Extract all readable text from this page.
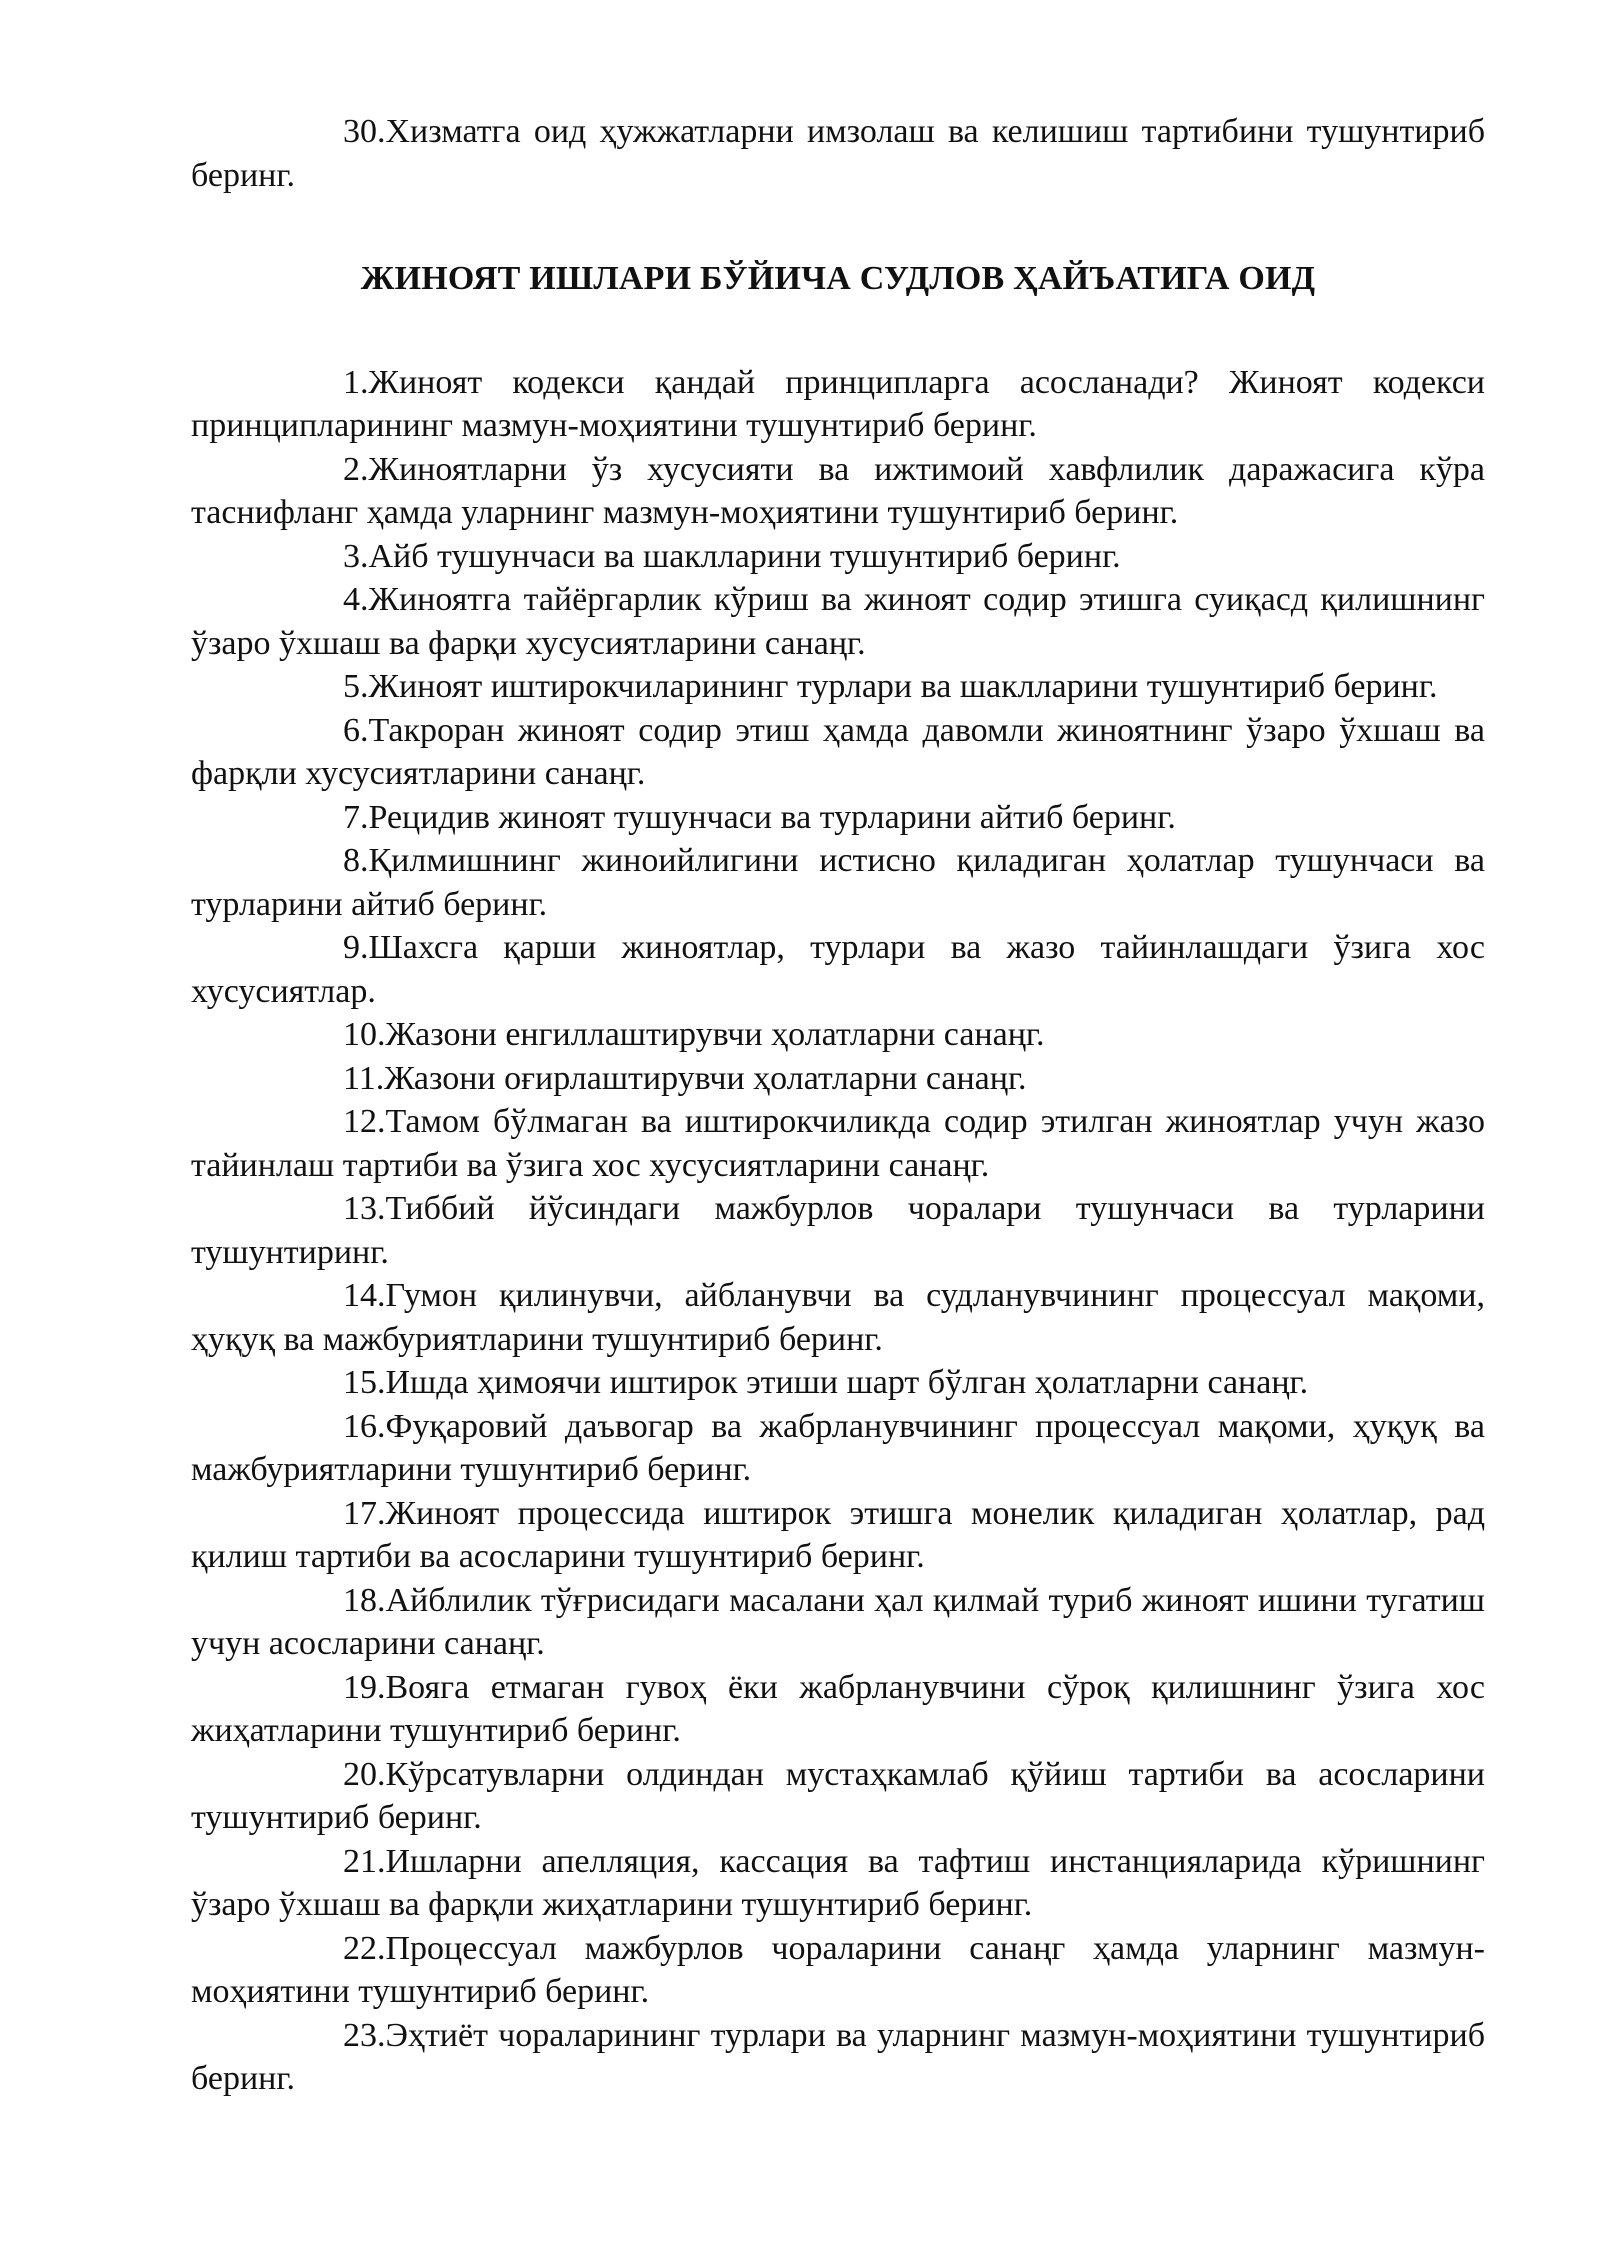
30.Хизматга оид ҳужжатларни имзолаш ва келишиш тартибини тушунтириб беринг.

ЖИНОЯТ ИШЛАРИ БЎЙИЧА СУДЛОВ ҲАЙЪАТИГА ОИД

1.Жиноят кодекси қандай принципларга асосланади? Жиноят кодекси принципларининг мазмун-моҳиятини тушунтириб беринг.

2.Жиноятларни ўз хусусияти ва ижтимоий хавфлилик даражасига кўра таснифланг ҳамда уларнинг мазмун-моҳиятини тушунтириб беринг.

3.Айб тушунчаси ва шаклларини тушунтириб беринг.

4.Жиноятга тайёргарлик кўриш ва жиноят содир этишга суиқасд қилишнинг ўзаро ўхшаш ва фарқи хусусиятларини санаңг.

5.Жиноят иштирокчиларининг турлари ва шаклларини тушунтириб беринг.

6.Такроран жиноят содир этиш ҳамда давомли жиноятнинг ўзаро ўхшаш ва фарқли хусусиятларини санаңг.

7.Рецидив жиноят тушунчаси ва турларини айтиб беринг.

8.Қилмишнинг жиноийлигини истисно қиладиган ҳолатлар тушунчаси ва турларини айтиб беринг.

9.Шахсга қарши жиноятлар, турлари ва жазо тайинлашдаги ўзига хос хусусиятлар.

10.Жазони енгиллаштирувчи ҳолатларни санаңг.

11.Жазони оғирлаштирувчи ҳолатларни санаңг.

12.Тамом бўлмаган ва иштирокчиликда содир этилган жиноятлар учун жазо тайинлаш тартиби ва ўзига хос хусусиятларини санаңг.

13.Тиббий йўсиндаги мажбурлов чоралари тушунчаси ва турларини тушунтиринг.

14.Гумон қилинувчи, айбланувчи ва судланувчининг процессуал мақоми, ҳуқуқ ва мажбуриятларини тушунтириб беринг.

15.Ишда ҳимоячи иштирок этиши шарт бўлган ҳолатларни санаңг.

16.Фуқаровий даъвогар ва жабрланувчининг процессуал мақоми, ҳуқуқ ва мажбуриятларини тушунтириб беринг.

17.Жиноят процессида иштирок этишга монелик қиладиган ҳолатлар, рад қилиш тартиби ва асосларини тушунтириб беринг.

18.Айблилик тўғрисидаги масалани ҳал қилмай туриб жиноят ишини тугатиш учун асосларини санаңг.

19.Вояга етмаган гувоҳ ёки жабрланувчини сўроқ қилишнинг ўзига хос жиҳатларини тушунтириб беринг.

20.Кўрсатувларни олдиндан мустаҳкамлаб қўйиш тартиби ва асосларини тушунтириб беринг.

21.Ишларни апелляция, кассация ва тафтиш инстанцияларида кўришнинг ўзаро ўхшаш ва фарқли жиҳатларини тушунтириб беринг.

22.Процессуал мажбурлов чораларини санаңг ҳамда уларнинг мазмун-моҳиятини тушунтириб беринг.

23.Эҳтиёт чораларининг турлари ва уларнинг мазмун-моҳиятини тушунтириб беринг.
